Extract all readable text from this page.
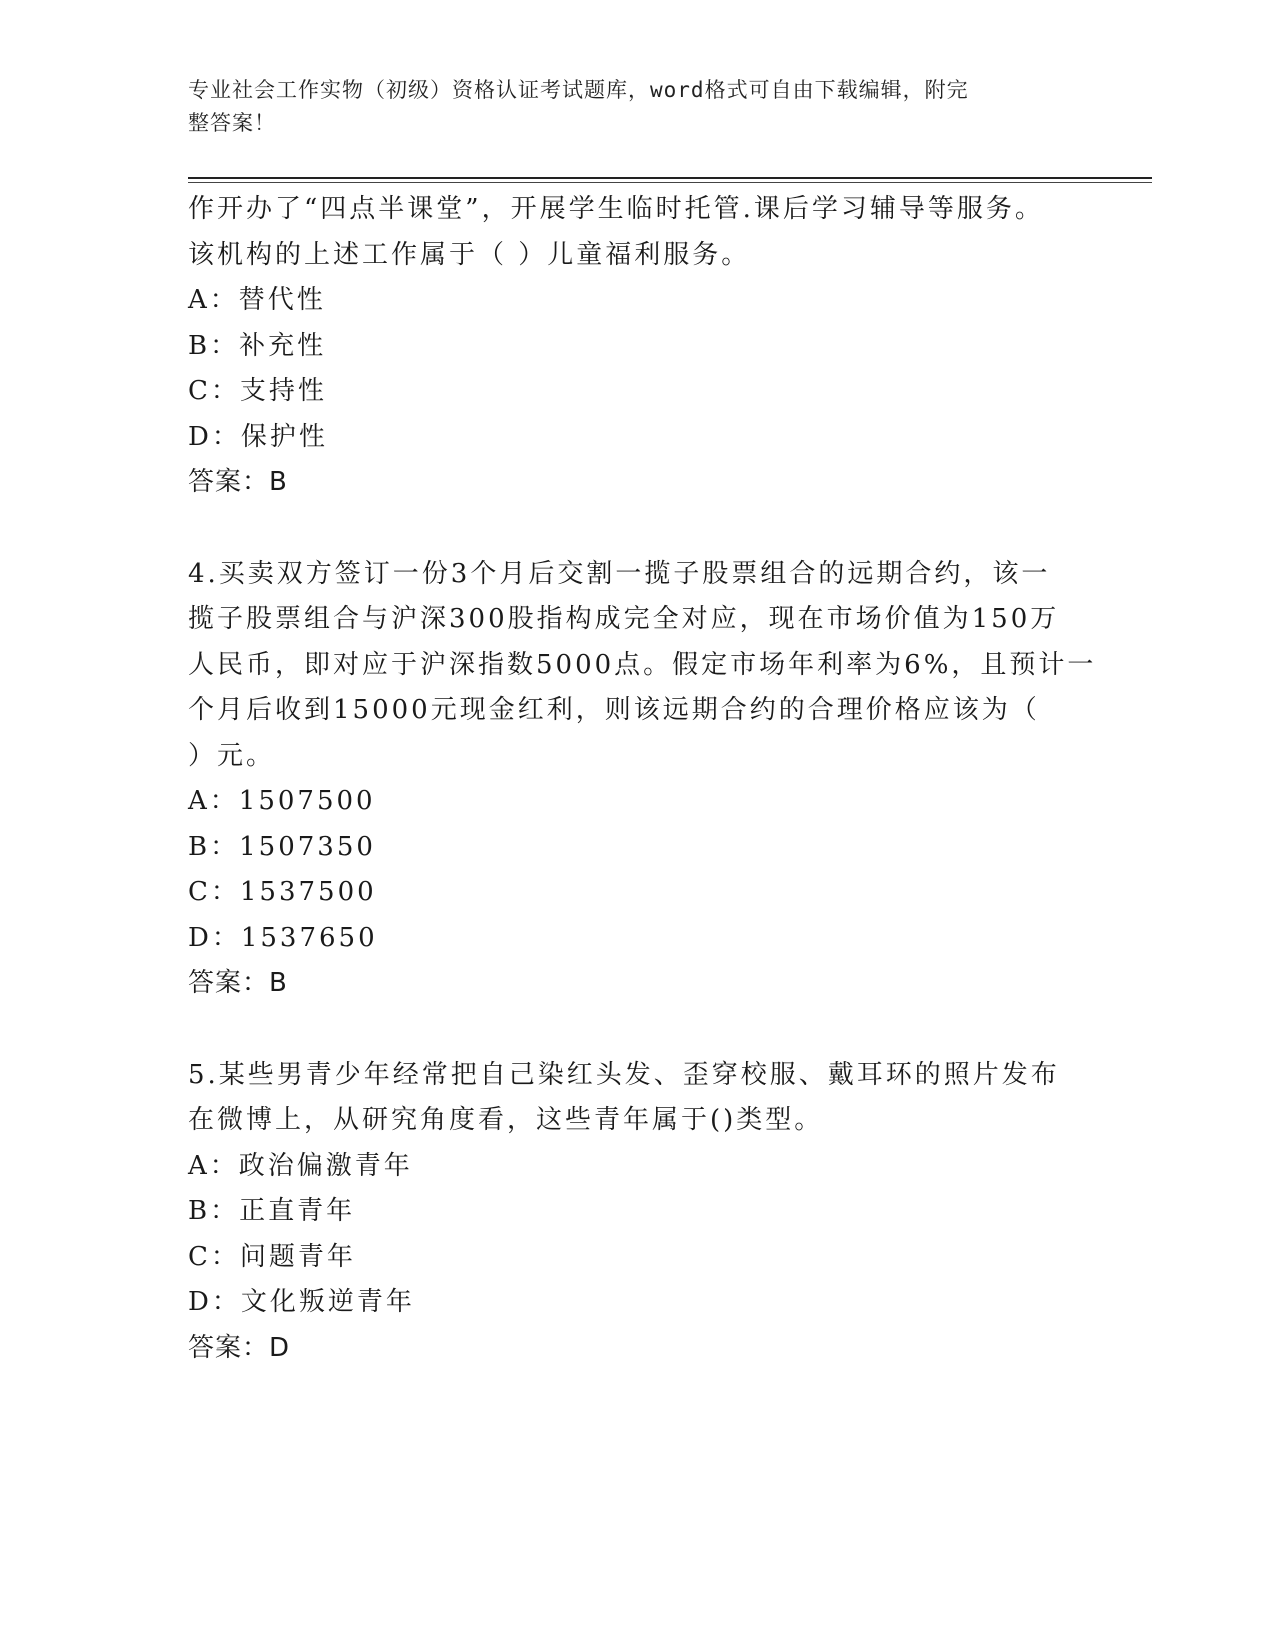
专业社会工作实物（初级）资格认证考试题库，word格式可自由下载编辑，附完
整答案！
作开办了“四点半课堂”，开展学生临时托管.课后学习辅导等服务。
该机构的上述工作属于（ ）儿童福利服务。
A：替代性
B：补充性
C：支持性
D：保护性
答案：B
4.买卖双方签订一份3个月后交割一揽子股票组合的远期合约，该一
揽子股票组合与沪深300股指构成完全对应，现在市场价值为150万
人民币，即对应于沪深指数5000点。假定市场年利率为6%，且预计一
个月后收到15000元现金红利，则该远期合约的合理价格应该为（
）元。
A：1507500
B：1507350
C：1537500
D：1537650
答案：B
5.某些男青少年经常把自己染红头发、歪穿校服、戴耳环的照片发布
在微博上，从研究角度看，这些青年属于()类型。
A：政治偏激青年
B：正直青年
C：问题青年
D：文化叛逆青年
答案：D
